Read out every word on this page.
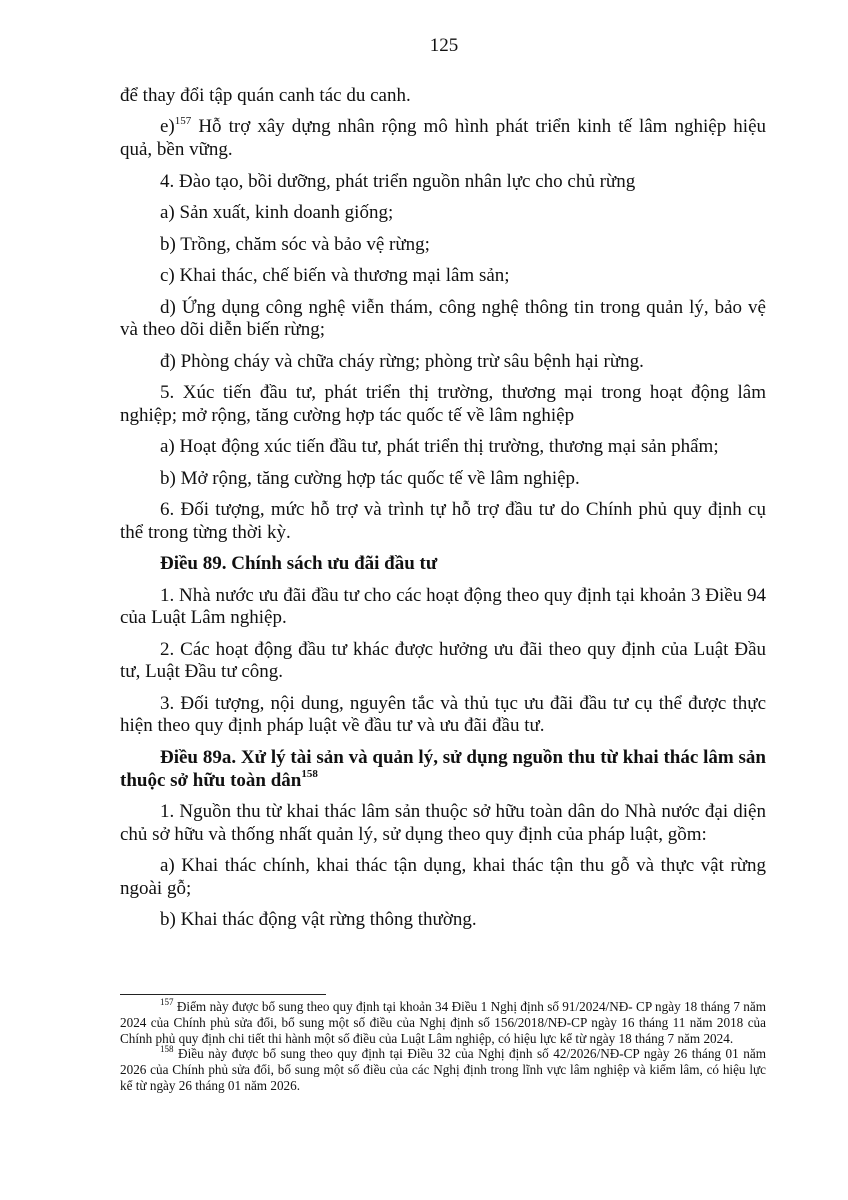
125

để thay đổi tập quán canh tác du canh.

e)$^{157}$ Hỗ trợ xây dựng nhân rộng mô hình phát triển kinh tế lâm nghiệp hiệu quả, bền vững.

4. Đào tạo, bồi dưỡng, phát triển nguồn nhân lực cho chủ rừng

a) Sản xuất, kinh doanh giống;

b) Trồng, chăm sóc và bảo vệ rừng;

c) Khai thác, chế biến và thương mại lâm sản;

d) Ứng dụng công nghệ viễn thám, công nghệ thông tin trong quản lý, bảo vệ và theo dõi diễn biến rừng;

đ) Phòng cháy và chữa cháy rừng; phòng trừ sâu bệnh hại rừng.

5. Xúc tiến đầu tư, phát triển thị trường, thương mại trong hoạt động lâm nghiệp; mở rộng, tăng cường hợp tác quốc tế về lâm nghiệp

a) Hoạt động xúc tiến đầu tư, phát triển thị trường, thương mại sản phẩm;

b) Mở rộng, tăng cường hợp tác quốc tế về lâm nghiệp.

6. Đối tượng, mức hỗ trợ và trình tự hỗ trợ đầu tư do Chính phủ quy định cụ thể trong từng thời kỳ.

Điều 89. Chính sách ưu đãi đầu tư

1. Nhà nước ưu đãi đầu tư cho các hoạt động theo quy định tại khoản 3 Điều 94 của Luật Lâm nghiệp.

2. Các hoạt động đầu tư khác được hưởng ưu đãi theo quy định của Luật Đầu tư, Luật Đầu tư công.

3. Đối tượng, nội dung, nguyên tắc và thủ tục ưu đãi đầu tư cụ thể được thực hiện theo quy định pháp luật về đầu tư và ưu đãi đầu tư.

Điều 89a. Xử lý tài sản và quản lý, sử dụng nguồn thu từ khai thác lâm sản thuộc sở hữu toàn dân$^{158}$

1. Nguồn thu từ khai thác lâm sản thuộc sở hữu toàn dân do Nhà nước đại diện chủ sở hữu và thống nhất quản lý, sử dụng theo quy định của pháp luật, gồm:

a) Khai thác chính, khai thác tận dụng, khai thác tận thu gỗ và thực vật rừng ngoài gỗ;

b) Khai thác động vật rừng thông thường.

$^{157}$ Điểm này được bổ sung theo quy định tại khoản 34 Điều 1 Nghị định số 91/2024/NĐ- CP ngày 18 tháng 7 năm 2024 của Chính phủ sửa đổi, bổ sung một số điều của Nghị định số 156/2018/NĐ-CP ngày 16 tháng 11 năm 2018 của Chính phủ quy định chi tiết thi hành một số điều của Luật Lâm nghiệp, có hiệu lực kể từ ngày 18 tháng 7 năm 2024.

$^{158}$ Điều này được bổ sung theo quy định tại Điều 32 của Nghị định số 42/2026/NĐ-CP ngày 26 tháng 01 năm 2026 của Chính phủ sửa đổi, bổ sung một số điều của các Nghị định trong lĩnh vực lâm nghiệp và kiểm lâm, có hiệu lực kể từ ngày 26 tháng 01 năm 2026.
